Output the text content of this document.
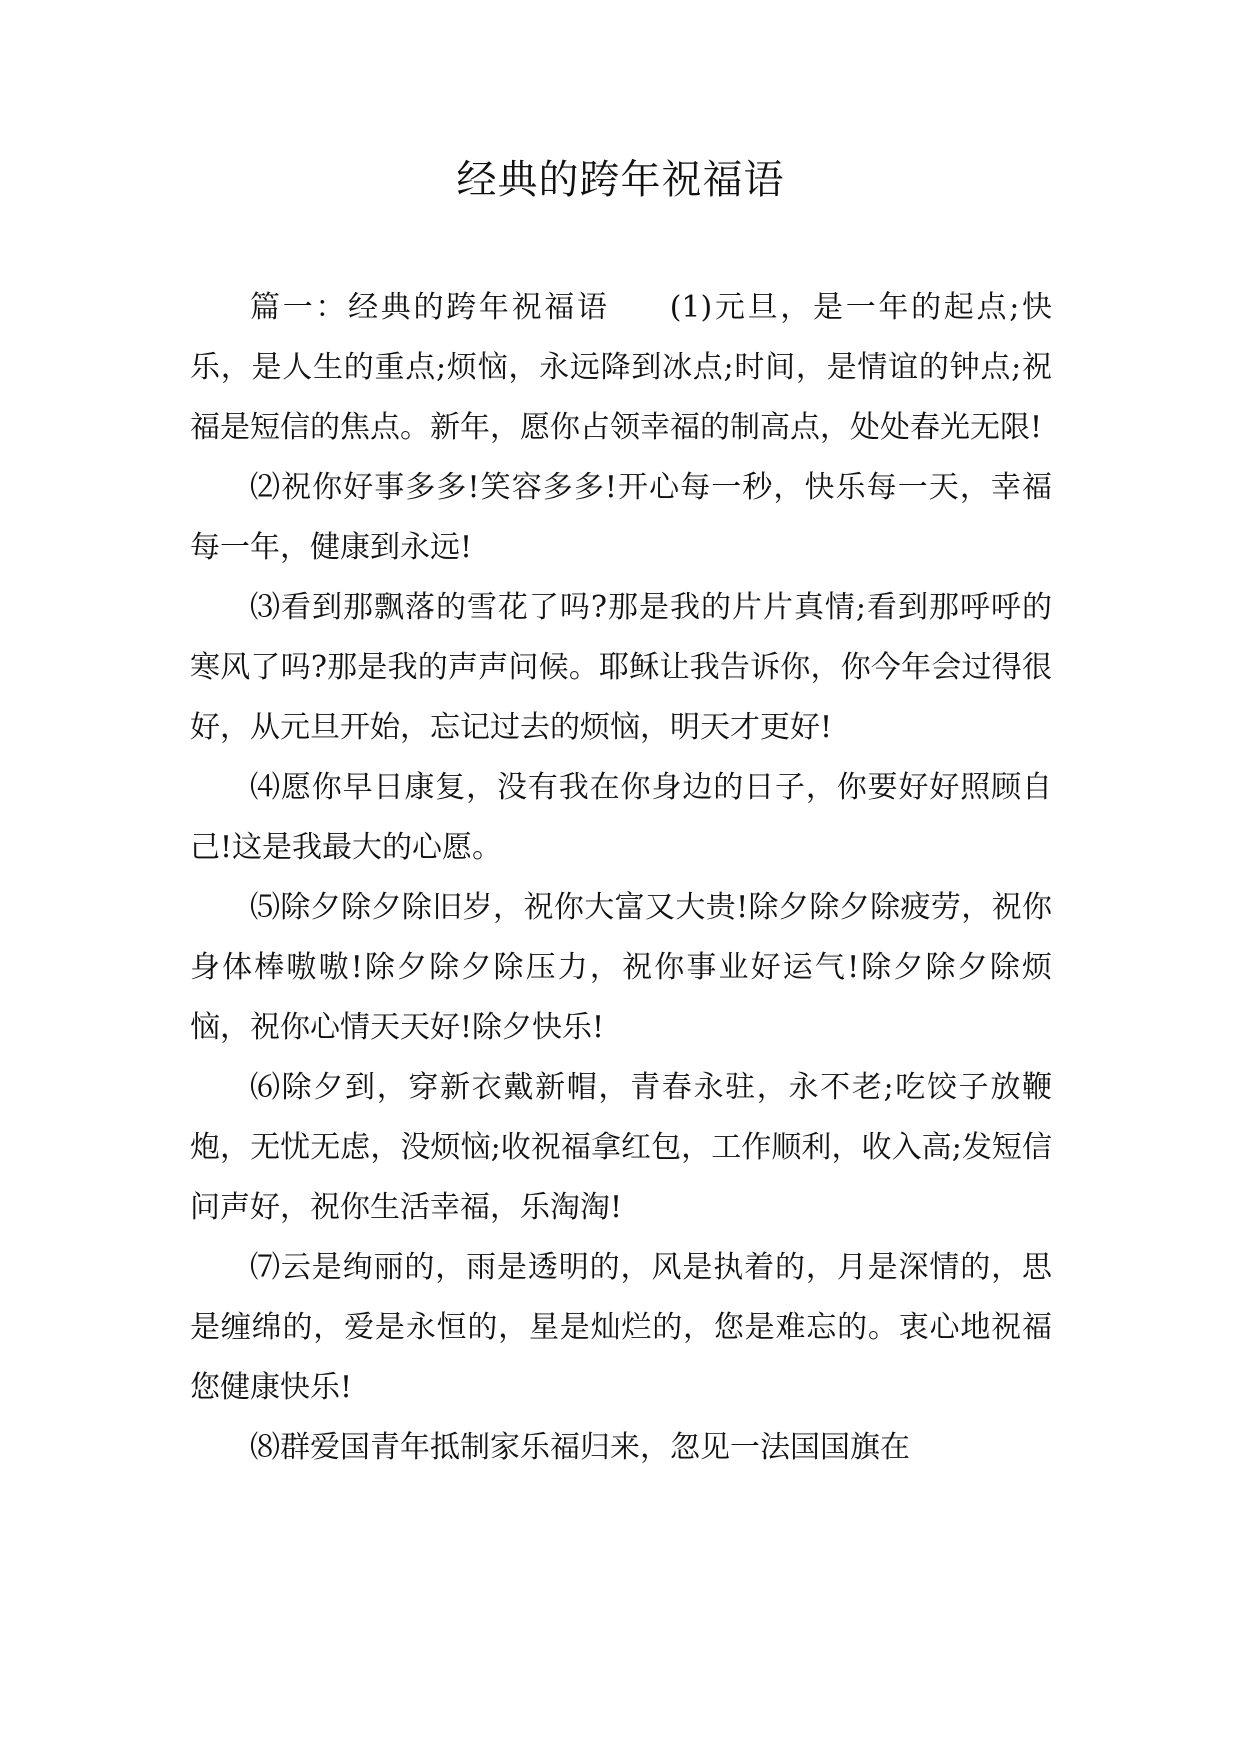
经典的跨年祝福语

篇一：经典的跨年祝福语 (1)元旦，是一年的起点;快乐，是人生的重点;烦恼，永远降到冰点;时间，是情谊的钟点;祝福是短信的焦点。新年，愿你占领幸福的制高点，处处春光无限!

⑵祝你好事多多!笑容多多!开心每一秒，快乐每一天，幸福每一年，健康到永远!

⑶看到那飘落的雪花了吗?那是我的片片真情;看到那呼呼的寒风了吗?那是我的声声问候。耶稣让我告诉你，你今年会过得很好，从元旦开始，忘记过去的烦恼，明天才更好!

⑷愿你早日康复，没有我在你身边的日子，你要好好照顾自己!这是我最大的心愿。

⑸除夕除夕除旧岁，祝你大富又大贵!除夕除夕除疲劳，祝你身体棒嗷嗷!除夕除夕除压力，祝你事业好运气!除夕除夕除烦恼，祝你心情天天好!除夕快乐!

⑹除夕到，穿新衣戴新帽，青春永驻，永不老;吃饺子放鞭炮，无忧无虑，没烦恼;收祝福拿红包，工作顺利，收入高;发短信问声好，祝你生活幸福，乐淘淘!

⑺云是绚丽的，雨是透明的，风是执着的，月是深情的，思是缠绵的，爱是永恒的，星是灿烂的，您是难忘的。衷心地祝福您健康快乐!

⑻群爱国青年抵制家乐福归来，忽见一法国国旗在
